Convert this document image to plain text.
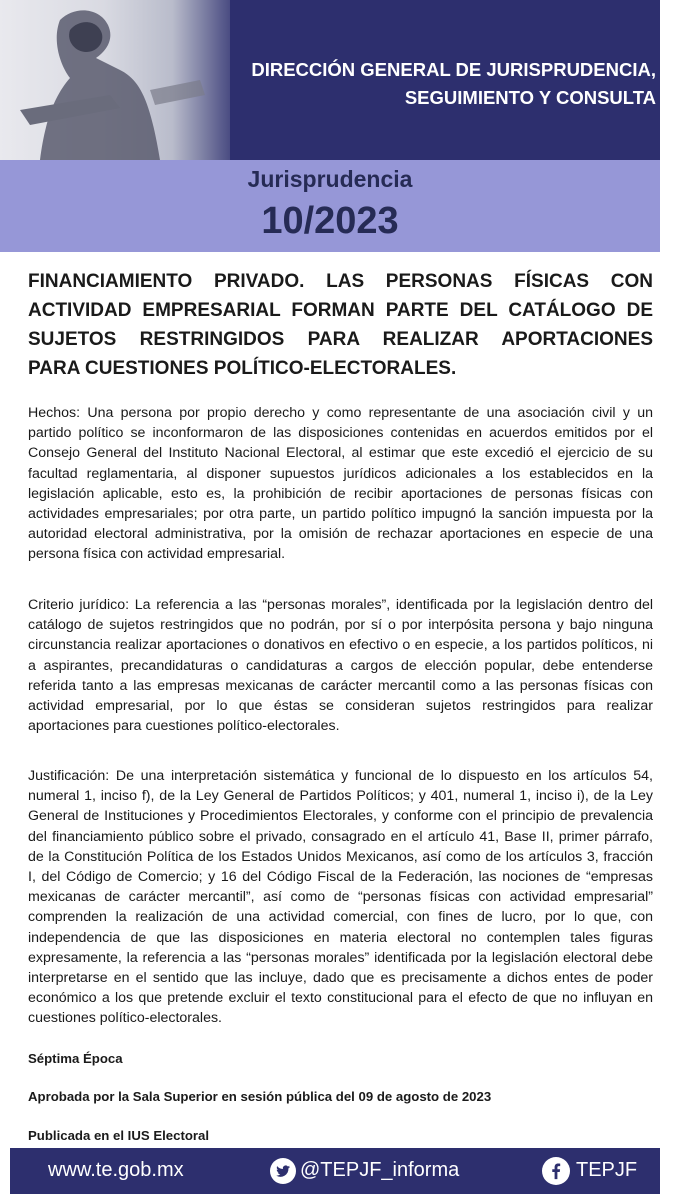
DIRECCIÓN GENERAL DE JURISPRUDENCIA,
SEGUIMIENTO Y CONSULTA
Jurisprudencia
10/2023
FINANCIAMIENTO PRIVADO. LAS PERSONAS FÍSICAS CON
ACTIVIDAD EMPRESARIAL FORMAN PARTE DEL CATÁLOGO DE
SUJETOS RESTRINGIDOS PARA REALIZAR APORTACIONES
PARA CUESTIONES POLÍTICO-ELECTORALES.
Hechos: Una persona por propio derecho y como representante de una asociación civil y un partido político se inconformaron de las disposiciones contenidas en acuerdos emitidos por el Consejo General del Instituto Nacional Electoral, al estimar que este excedió el ejercicio de su facultad reglamentaria, al disponer supuestos jurídicos adicionales a los establecidos en la legislación aplicable, esto es, la prohibición de recibir aportaciones de personas físicas con actividades empresariales; por otra parte, un partido político impugnó la sanción impuesta por la autoridad electoral administrativa, por la omisión de rechazar aportaciones en especie de una persona física con actividad empresarial.
Criterio jurídico: La referencia a las “personas morales”, identificada por la legislación dentro del catálogo de sujetos restringidos que no podrán, por sí o por interpósita persona y bajo ninguna circunstancia realizar aportaciones o donativos en efectivo o en especie, a los partidos políticos, ni a aspirantes, precandidaturas o candidaturas a cargos de elección popular, debe entenderse referida tanto a las empresas mexicanas de carácter mercantil como a las personas físicas con actividad empresarial, por lo que éstas se consideran sujetos restringidos para realizar aportaciones para cuestiones político-electorales.
Justificación: De una interpretación sistemática y funcional de lo dispuesto en los artículos 54, numeral 1, inciso f), de la Ley General de Partidos Políticos; y 401, numeral 1, inciso i), de la Ley General de Instituciones y Procedimientos Electorales, y conforme con el principio de prevalencia del financiamiento público sobre el privado, consagrado en el artículo 41, Base II, primer párrafo, de la Constitución Política de los Estados Unidos Mexicanos, así como de los artículos 3, fracción I, del Código de Comercio; y 16 del Código Fiscal de la Federación, las nociones de “empresas mexicanas de carácter mercantil”, así como de “personas físicas con actividad empresarial” comprenden la realización de una actividad comercial, con fines de lucro, por lo que, con independencia de que las disposiciones en materia electoral no contemplen tales figuras expresamente, la referencia a las “personas morales” identificada por la legislación electoral debe interpretarse en el sentido que las incluye, dado que es precisamente a dichos entes de poder económico a los que pretende excluir el texto constitucional para el efecto de que no influyan en cuestiones político-electorales.
Séptima Época
Aprobada por la Sala Superior en sesión pública del 09 de agosto de 2023
Publicada en el IUS Electoral
www.te.gob.mx	@TEPJF_informa	TEPJF
